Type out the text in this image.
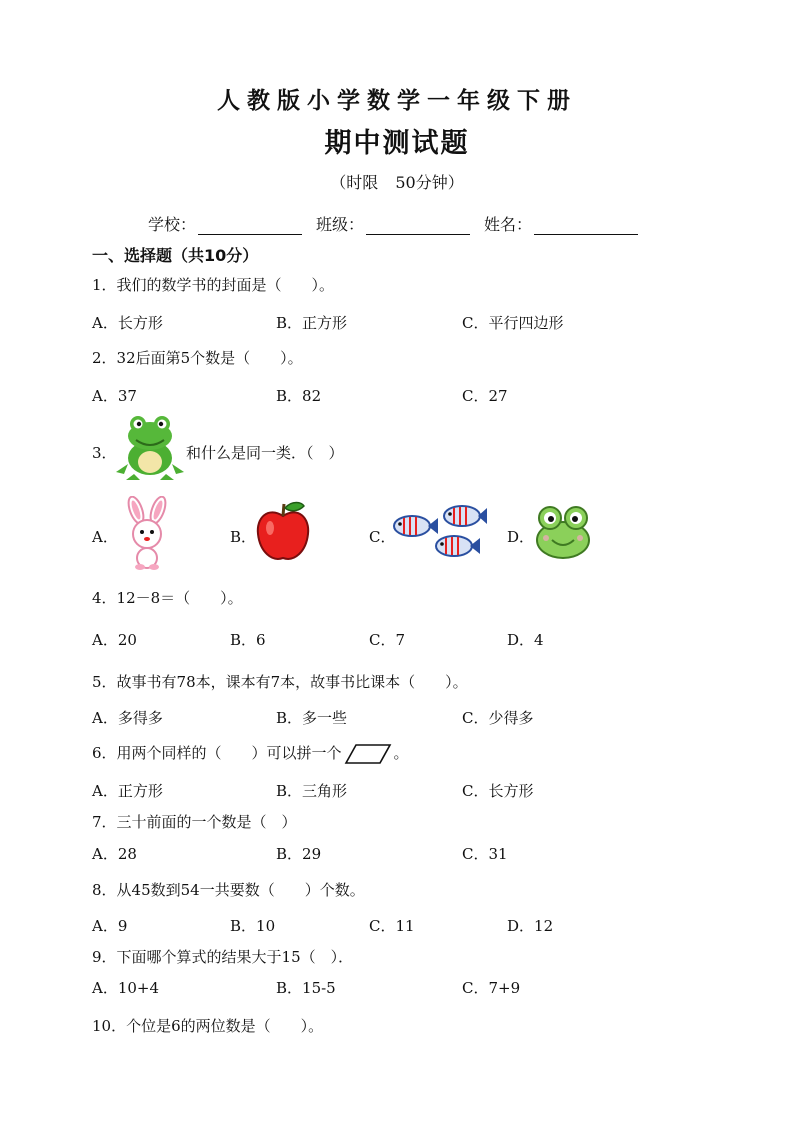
人教版小学数学一年级下册
期中测试题
（时限 50分钟）
学校：	班级：	姓名：
一、选择题（共10分）
1．我们的数学书的封面是（　　）。
A．长方形	B．正方形	C．平行四边形
2．32后面第5个数是（　　）。
A．37	B．82	C．27
3．	和什么是同一类．（　）
A．	B．	C．	D．
4．12－8＝（　　）。
A．20	B．6	C．7	D．4
5．故事书有78本，课本有7本，故事书比课本（　　）。
A．多得多	B．多一些	C．少得多
6．用两个同样的（　　）可以拼一个	。
A．正方形	B．三角形	C．长方形
7．三十前面的一个数是（　）
A．28	B．29	C．31
8．从45数到54一共要数（　　）个数。
A．9	B．10	C．11	D．12
9．下面哪个算式的结果大于15（　）．
A．10+4	B．15-5	C．7+9
10．个位是6的两位数是（　　）。
